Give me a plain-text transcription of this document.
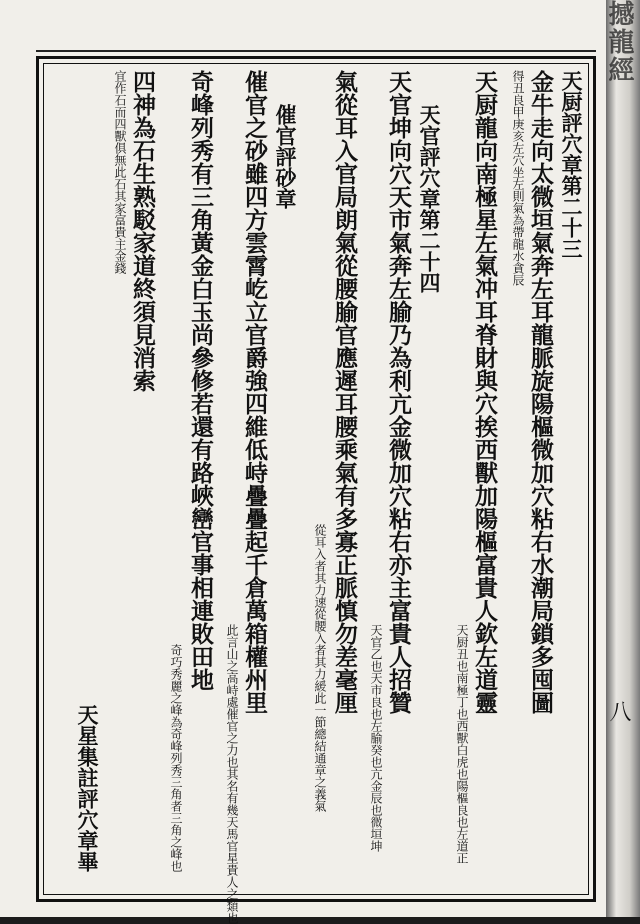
天厨評穴章第二十三
金牛走向太微垣氣奔左耳龍脈旋陽樞微加穴粘右水潮局鎖多囤圖
得丑良甲庚亥左穴坐左則氣為帶龍水貪辰
天厨龍向南極星左氣冲耳脊財與穴挨西獸加陽樞富貴人欽左道靈
天厨丑也南極丁也西獸白虎也陽樞良也左道正
天官評穴章第二十四
天官坤向穴天市氣奔左腧乃為利亢金微加穴粘右亦主富貴人招贊
天官乙也天市良也左腧癸也亢金辰也微垣坤
氣從耳入官局朗氣從腰腧官應遲耳腰乘氣有多寡正脈慎勿差毫厘
從耳入者其力速從腰入者其力緩此一節總結通章之義氣
催官評砂章
催官之砂雖四方雲霄屹立官爵強四維低峙疊疊起千倉萬箱權州里
此言山之高峙處催官之力也其名有幾天馬官星貴人之類也
奇峰列秀有三角黃金白玉尚參修若還有路峽巒官事相連敗田地
奇巧秀麗之峰為奇峰列秀三角者三角之峰也
四神為石生熟駁家道終須見消索
宜作石而四獸俱無此石其家富貴主金錢
天星集註評穴章畢
撼龍經
八
